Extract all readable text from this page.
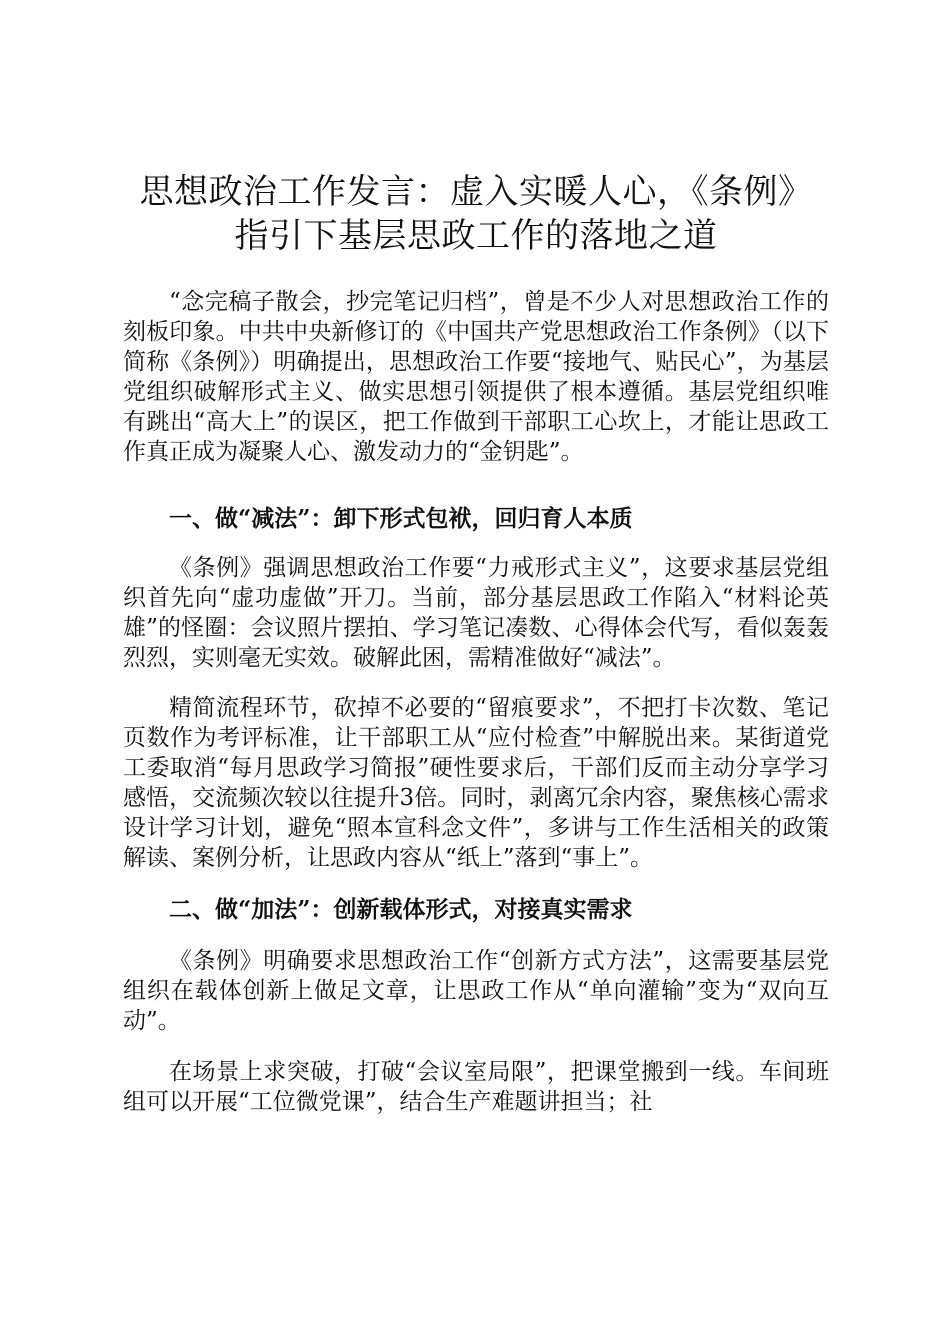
思想政治工作发言：虚入实暖人心，《条例》
指引下基层思政工作的落地之道

“念完稿子散会，抄完笔记归档”，曾是不少人对思想政治工作的刻板印象。中共中央新修订的《中国共产党思想政治工作条例》（以下简称《条例》）明确提出，思想政治工作要“接地气、贴民心”，为基层党组织破解形式主义、做实思想引领提供了根本遵循。基层党组织唯有跳出“高大上”的误区，把工作做到干部职工心坎上，才能让思政工作真正成为凝聚人心、激发动力的“金钥匙”。

一、做“减法”：卸下形式包袱，回归育人本质

《条例》强调思想政治工作要“力戒形式主义”，这要求基层党组织首先向“虚功虚做”开刀。当前，部分基层思政工作陷入“材料论英雄”的怪圈：会议照片摆拍、学习笔记凑数、心得体会代写，看似轰轰烈烈，实则毫无实效。破解此困，需精准做好“减法”。

精简流程环节，砍掉不必要的“留痕要求”，不把打卡次数、笔记页数作为考评标准，让干部职工从“应付检查”中解脱出来。某街道党工委取消“每月思政学习简报”硬性要求后，干部们反而主动分享学习感悟，交流频次较以往提升3倍。同时，剥离冗余内容，聚焦核心需求设计学习计划，避免“照本宣科念文件”，多讲与工作生活相关的政策解读、案例分析，让思政内容从“纸上”落到“事上”。

二、做“加法”：创新载体形式，对接真实需求

《条例》明确要求思想政治工作“创新方式方法”，这需要基层党组织在载体创新上做足文章，让思政工作从“单向灌输”变为“双向互动”。

在场景上求突破，打破“会议室局限”，把课堂搬到一线。车间班组可以开展“工位微党课”，结合生产难题讲担当；社
